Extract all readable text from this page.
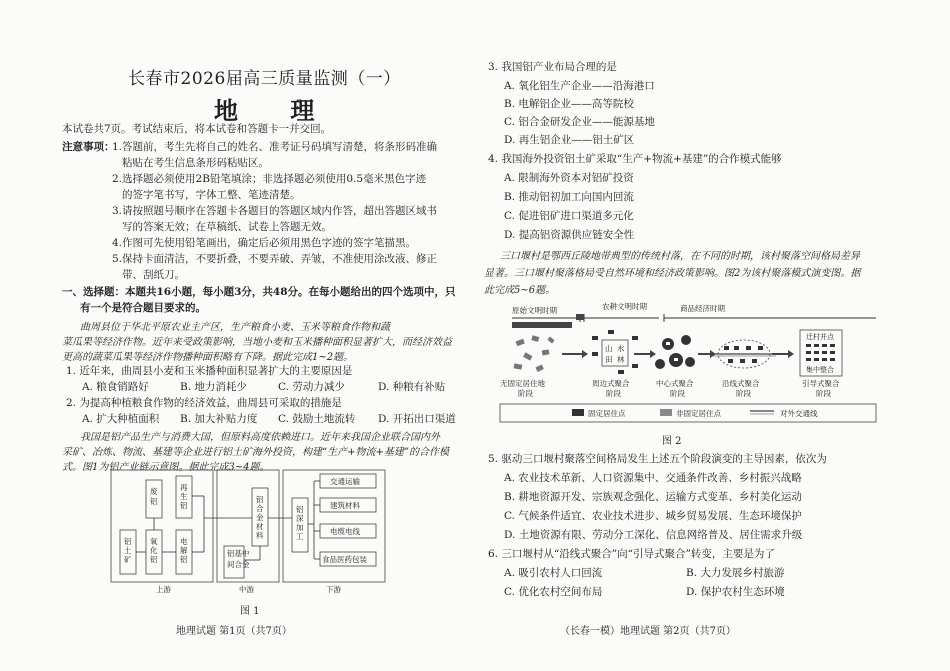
长春市2026届高三质量监测（一）
地 理
本试卷共7页。考试结束后，将本试卷和答题卡一并交回。
注意事项：
1.答题前，考生先将自己的姓名、准考证号码填写清楚，将条形码准确
粘贴在考生信息条形码粘贴区。
2.选择题必须使用2B铅笔填涂；非选择题必须使用0.5毫米黑色字迹
的签字笔书写，字体工整、笔迹清楚。
3.请按照题号顺序在答题卡各题目的答题区域内作答，超出答题区域书
写的答案无效；在草稿纸、试卷上答题无效。
4.作图可先使用铅笔画出，确定后必须用黑色字迹的签字笔描黑。
5.保持卡面清洁，不要折叠，不要弄破、弄皱，不准使用涂改液、修正
带、刮纸刀。
一、选择题：本题共16小题，每小题3分，共48分。在每小题给出的四个选项中，只
有一个是符合题目要求的。
曲周县位于华北平原农业主产区，生产粮食小麦、玉米等粮食作物和蔬
菜瓜果等经济作物。近年来受政策影响，当地小麦和玉米播种面积显著扩大，而经济效益
更高的蔬菜瓜果等经济作物播种面积略有下降。据此完成1~2题。
1. 近年来，曲周县小麦和玉米播种面积显著扩大的主要原因是
A. 粮食销路好	B. 地力消耗少	C. 劳动力减少	D. 种粮有补贴
2. 为提高种植粮食作物的经济效益，曲周县可采取的措施是
A. 扩大种植面积 B. 加大补贴力度 C. 鼓励土地流转 D. 开拓出口渠道
我国是铝产品生产与消费大国，但原料高度依赖进口。近年来我国企业联合国内外
采矿、冶炼、物流、基建等企业进行铝土矿海外投资，构建“生产+物流+基建”的合作模
式。图1为铝产业链示意图。据此完成3~4题。
废铝
再生铝
铝土矿
氧化铝
电解铝
铝合金材料
铝基中间合金
铝深加工
交通运输
建筑材料
电缆电线
食品医药包装
上游	中游	下游
图 1
地理试题 第1页（共7页）
3. 我国铝产业布局合理的是
A. 氧化铝生产企业——沿海港口
B. 电解铝企业——高等院校
C. 铝合金研发企业——能源基地
D. 再生铝企业——铝土矿区
4. 我国海外投资铝土矿采取“生产+物流+基建”的合作模式能够
A. 限制海外资本对铝矿投资
B. 推动铝初加工向国内回流
C. 促进铝矿进口渠道多元化
D. 提高铝资源供应链安全性
三口堰村是鄂西丘陵地带典型的传统村落，在不同的时期，该村聚落空间格局差异
显著。三口堰村聚落格局受自然环境和经济政策影响。图2为该村聚落模式演变图。据
此完成5~6题。
原始文明时期	农耕文明时期	商品经济时期
山 水
田 林
迁村并点
集中整合
无固定居住地阶段
周边式聚合阶段
中心式聚合阶段
沿线式聚合阶段
引导式聚合阶段
固定居住点	非固定居住点	对外交通线
图 2
5. 驱动三口堰村聚落空间格局发生上述五个阶段演变的主导因素，依次为
A. 农业技术革新、人口资源集中、交通条件改善、乡村振兴战略
B. 耕地资源开发、宗族观念强化、运输方式变革、乡村美化运动
C. 气候条件适宜、农业技术进步、城乡贸易发展、生态环境保护
D. 土地资源有限、劳动分工深化、信息网络普及、居住需求升级
6. 三口堰村从“沿线式聚合”向“引导式聚合”转变，主要是为了
A. 吸引农村人口回流	B. 大力发展乡村旅游
C. 优化农村空间布局	D. 保护农村生态环境
（长春一模）地理试题 第2页（共7页）
